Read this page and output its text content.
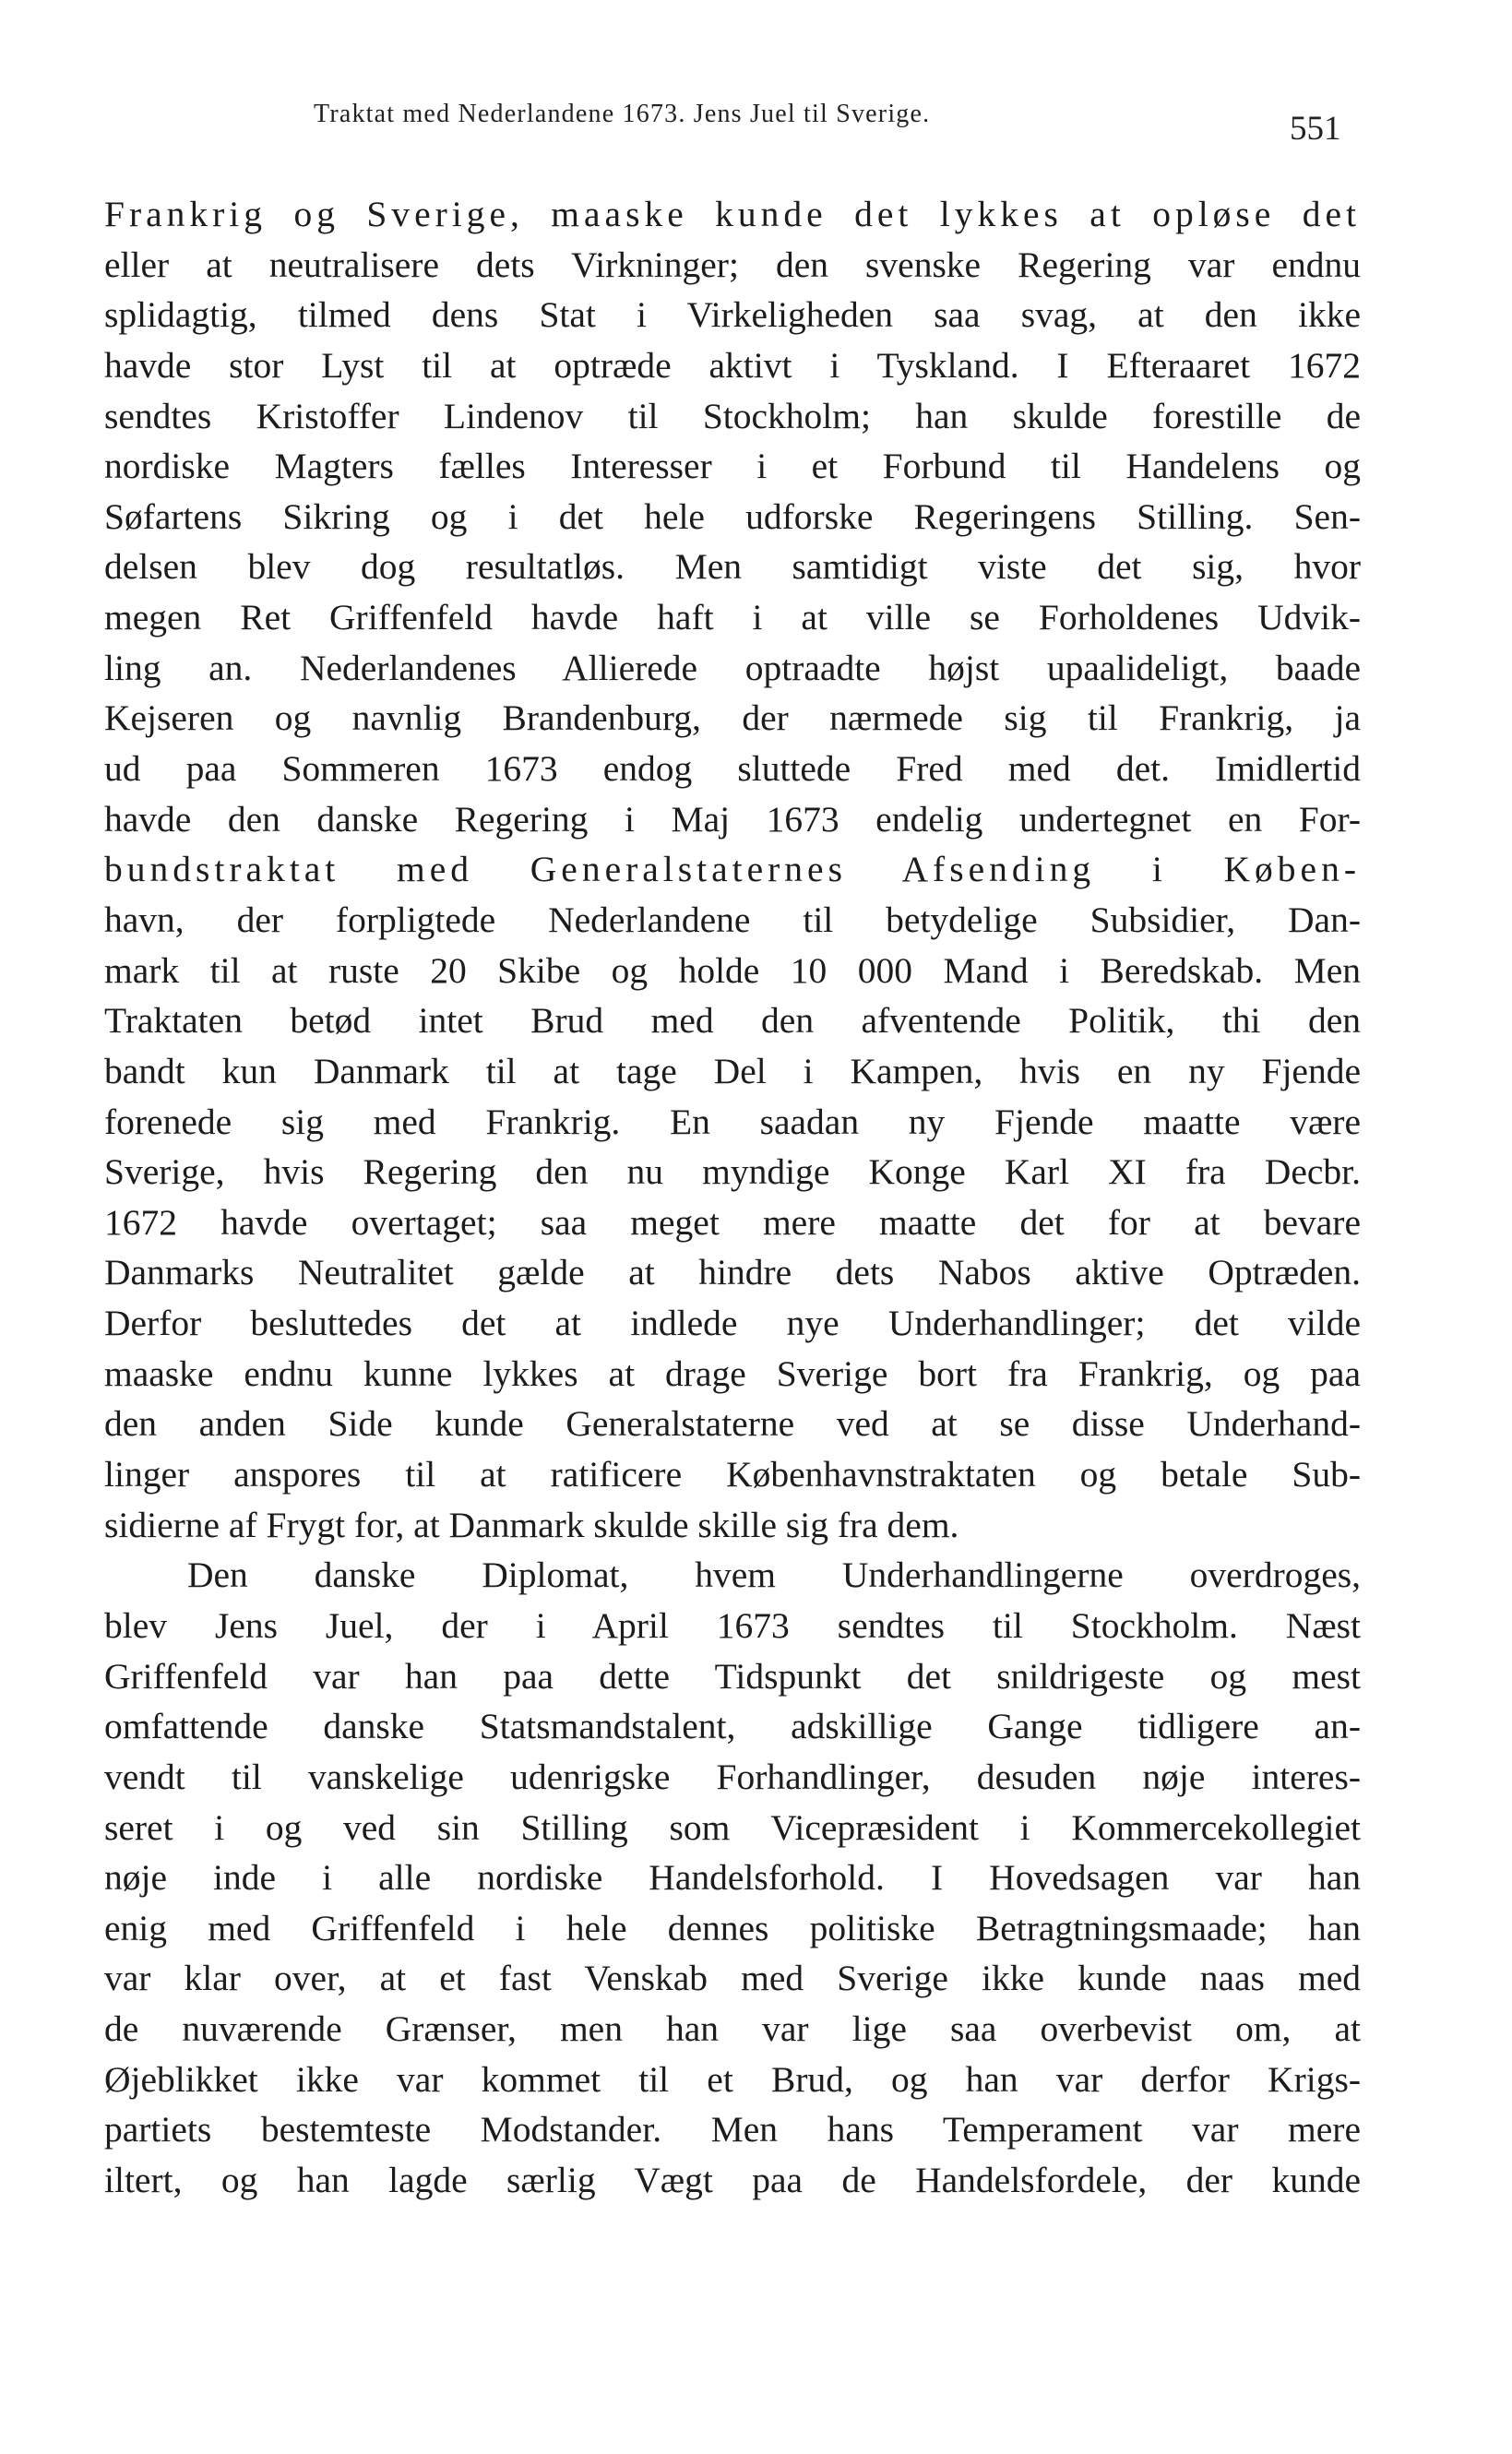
Traktat med Nederlandene 1673. Jens Juel til Sverige.	551
Frankrig og Sverige, maaske kunde det lykkes at opløse det
eller at neutralisere dets Virkninger; den svenske Regering var endnu
splidagtig, tilmed dens Stat i Virkeligheden saa svag, at den ikke
havde stor Lyst til at optræde aktivt i Tyskland. I Efteraaret 1672
sendtes Kristoffer Lindenov til Stockholm; han skulde forestille de
nordiske Magters fælles Interesser i et Forbund til Handelens og
Søfartens Sikring og i det hele udforske Regeringens Stilling. Sen-
delsen blev dog resultatløs. Men samtidigt viste det sig, hvor
megen Ret Griffenfeld havde haft i at ville se Forholdenes Udvik-
ling an. Nederlandenes Allierede optraadte højst upaalideligt, baade
Kejseren og navnlig Brandenburg, der nærmede sig til Frankrig, ja
ud paa Sommeren 1673 endog sluttede Fred med det. Imidlertid
havde den danske Regering i Maj 1673 endelig undertegnet en For-
bundstraktat med Generalstaternes Afsending i Køben-
havn, der forpligtede Nederlandene til betydelige Subsidier, Dan-
mark til at ruste 20 Skibe og holde 10 000 Mand i Beredskab. Men
Traktaten betød intet Brud med den afventende Politik, thi den
bandt kun Danmark til at tage Del i Kampen, hvis en ny Fjende
forenede sig med Frankrig. En saadan ny Fjende maatte være
Sverige, hvis Regering den nu myndige Konge Karl XI fra Decbr.
1672 havde overtaget; saa meget mere maatte det for at bevare
Danmarks Neutralitet gælde at hindre dets Nabos aktive Optræden.
Derfor besluttedes det at indlede nye Underhandlinger; det vilde
maaske endnu kunne lykkes at drage Sverige bort fra Frankrig, og paa
den anden Side kunde Generalstaterne ved at se disse Underhand-
linger anspores til at ratificere Københavnstraktaten og betale Sub-
sidierne af Frygt for, at Danmark skulde skille sig fra dem.
Den danske Diplomat, hvem Underhandlingerne overdroges,
blev Jens Juel, der i April 1673 sendtes til Stockholm. Næst
Griffenfeld var han paa dette Tidspunkt det snildrigeste og mest
omfattende danske Statsmandstalent, adskillige Gange tidligere an-
vendt til vanskelige udenrigske Forhandlinger, desuden nøje interes-
seret i og ved sin Stilling som Vicepræsident i Kommercekollegiet
nøje inde i alle nordiske Handelsforhold. I Hovedsagen var han
enig med Griffenfeld i hele dennes politiske Betragtningsmaade; han
var klar over, at et fast Venskab med Sverige ikke kunde naas med
de nuværende Grænser, men han var lige saa overbevist om, at
Øjeblikket ikke var kommet til et Brud, og han var derfor Krigs-
partiets bestemteste Modstander. Men hans Temperament var mere
iltert, og han lagde særlig Vægt paa de Handelsfordele, der kunde
